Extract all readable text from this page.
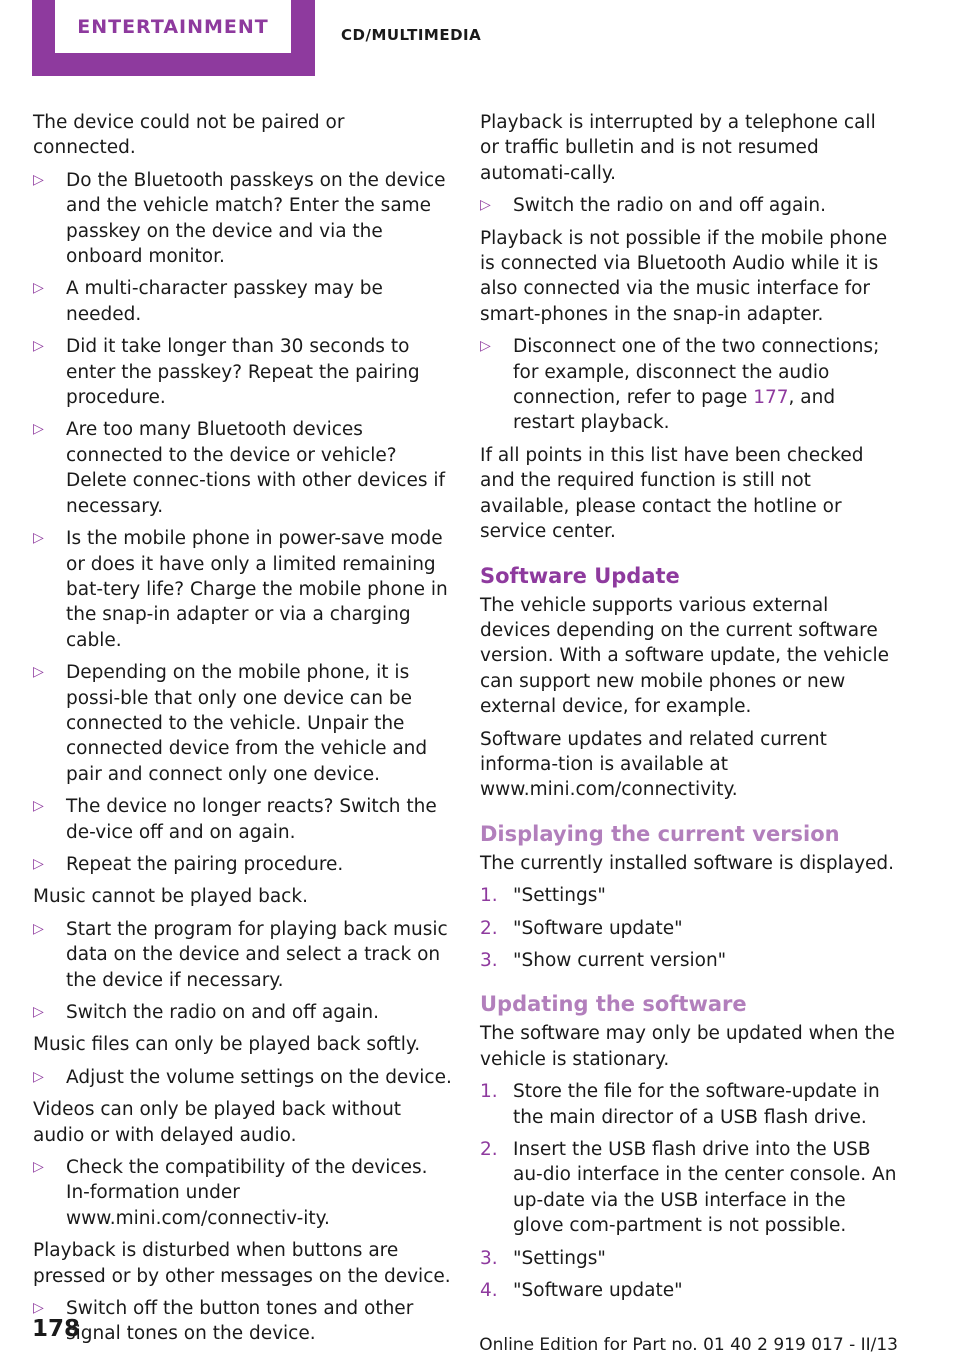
ENTERTAINMENT	CD/MULTIMEDIA

The device could not be paired or connected.

▷	Do the Bluetooth passkeys on the device and the vehicle match? Enter the same passkey on the device and via the onboard monitor.
▷	A multi-character passkey may be needed.
▷	Did it take longer than 30 seconds to enter the passkey? Repeat the pairing procedure.
▷	Are too many Bluetooth devices connected to the device or vehicle? Delete connec-tions with other devices if necessary.
▷	Is the mobile phone in power-save mode or does it have only a limited remaining bat-tery life? Charge the mobile phone in the snap-in adapter or via a charging cable.
▷	Depending on the mobile phone, it is possi-ble that only one device can be connected to the vehicle. Unpair the connected device from the vehicle and pair and connect only one device.
▷	The device no longer reacts? Switch the de-vice off and on again.
▷	Repeat the pairing procedure.

Music cannot be played back.

▷	Start the program for playing back music data on the device and select a track on the device if necessary.
▷	Switch the radio on and off again.

Music files can only be played back softly.

▷	Adjust the volume settings on the device.

Videos can only be played back without audio or with delayed audio.

▷	Check the compatibility of the devices. In-formation under www.mini.com/connectiv-ity.

Playback is disturbed when buttons are pressed or by other messages on the device.

▷	Switch off the button tones and other signal tones on the device.

Playback is interrupted by a telephone call or traffic bulletin and is not resumed automati-cally.

▷	Switch the radio on and off again.

Playback is not possible if the mobile phone is connected via Bluetooth Audio while it is also connected via the music interface for smart-phones in the snap-in adapter.

▷	Disconnect one of the two connections; for example, disconnect the audio connection, refer to page 177, and restart playback.

If all points in this list have been checked and the required function is still not available, please contact the hotline or service center.

Software Update

The vehicle supports various external devices depending on the current software version. With a software update, the vehicle can support new mobile phones or new external device, for example.

Software updates and related current informa-tion is available at www.mini.com/connectivity.

Displaying the current version

The currently installed software is displayed.

1. "Settings"
2. "Software update"
3. "Show current version"
Updating the software

The software may only be updated when the vehicle is stationary.

1. Store the file for the software-update in the main director of a USB flash drive.
2. Insert the USB flash drive into the USB au-dio interface in the center console. An up-date via the USB interface in the glove com-partment is not possible.
3. "Settings"
4. "Software update"
178
Online Edition for Part no. 01 40 2 919 017 - II/13
